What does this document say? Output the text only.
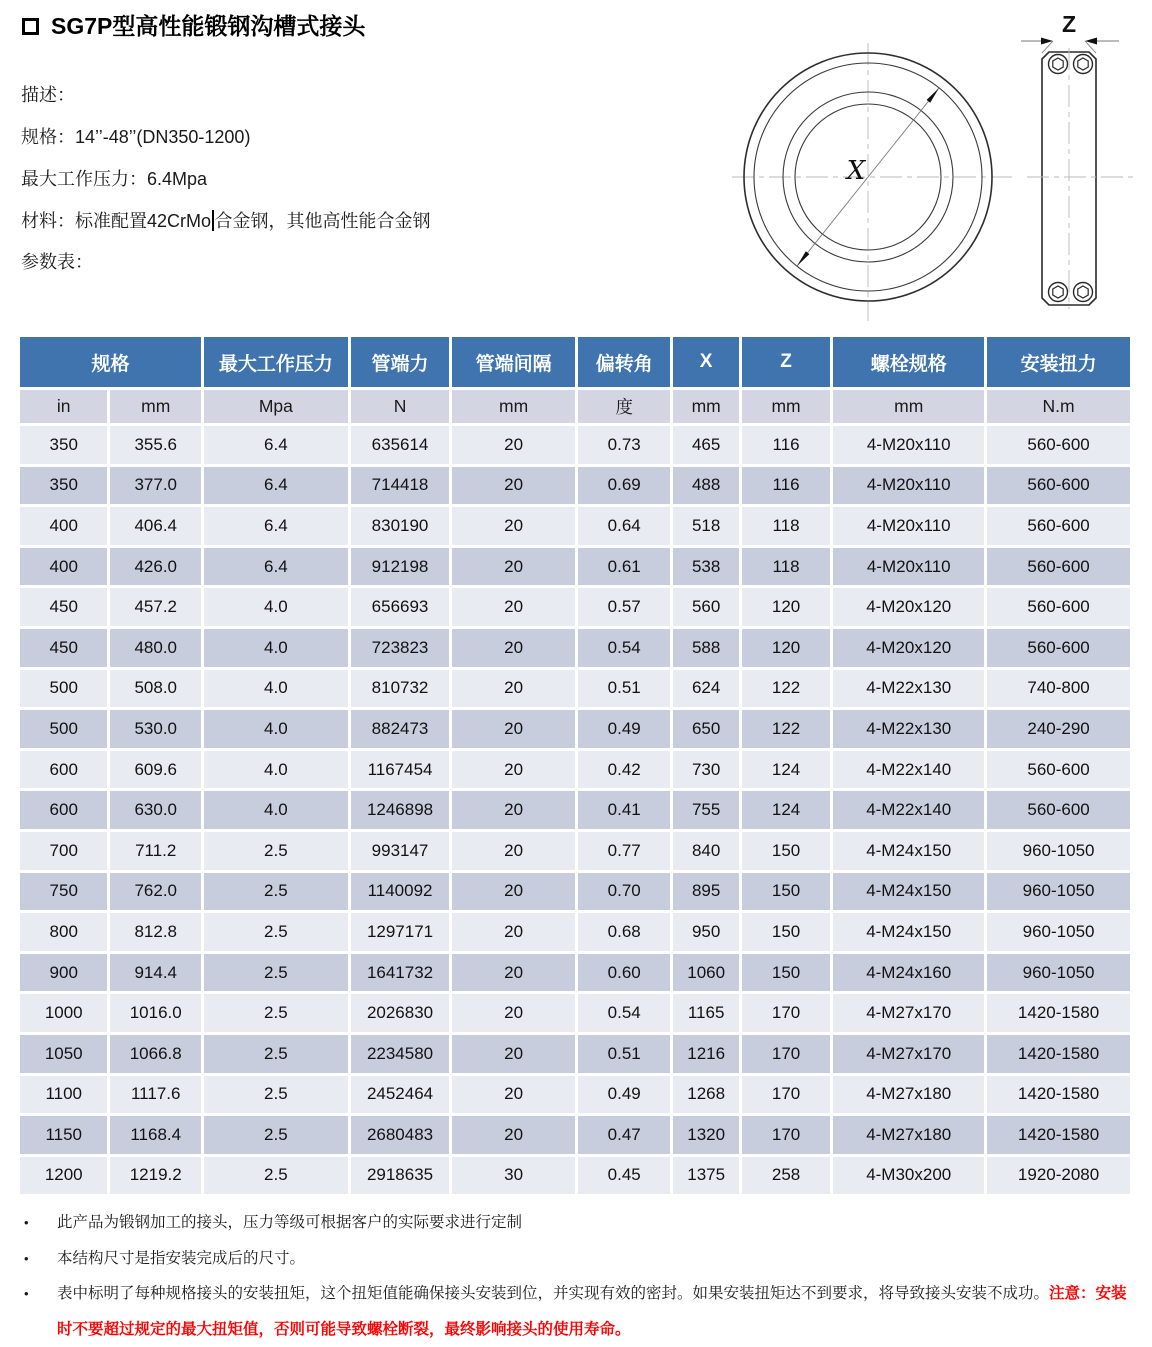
SG7P型高性能锻钢沟槽式接头
描述：
规格：14’’-48’’(DN350-1200)
最大工作压力：6.4Mpa
材料：标准配置42CrMo 合金钢，其他高性能合金钢
参数表：
X
Z
规格		最大工作压力	管端力	管端间隔	偏转角	X	Z	螺栓规格	安装扭力
in	mm	Mpa	N	mm	度	mm	mm	mm	N.m
350	355.6	6.4	635614	20	0.73	465	116	4-M20x110	560-600
350	377.0	6.4	714418	20	0.69	488	116	4-M20x110	560-600
400	406.4	6.4	830190	20	0.64	518	118	4-M20x110	560-600
400	426.0	6.4	912198	20	0.61	538	118	4-M20x110	560-600
450	457.2	4.0	656693	20	0.57	560	120	4-M20x120	560-600
450	480.0	4.0	723823	20	0.54	588	120	4-M20x120	560-600
500	508.0	4.0	810732	20	0.51	624	122	4-M22x130	740-800
500	530.0	4.0	882473	20	0.49	650	122	4-M22x130	240-290
600	609.6	4.0	1167454	20	0.42	730	124	4-M22x140	560-600
600	630.0	4.0	1246898	20	0.41	755	124	4-M22x140	560-600
700	711.2	2.5	993147	20	0.77	840	150	4-M24x150	960-1050
750	762.0	2.5	1140092	20	0.70	895	150	4-M24x150	960-1050
800	812.8	2.5	1297171	20	0.68	950	150	4-M24x150	960-1050
900	914.4	2.5	1641732	20	0.60	1060	150	4-M24x160	960-1050
1000	1016.0	2.5	2026830	20	0.54	1165	170	4-M27x170	1420-1580
1050	1066.8	2.5	2234580	20	0.51	1216	170	4-M27x170	1420-1580
1100	1117.6	2.5	2452464	20	0.49	1268	170	4-M27x180	1420-1580
1150	1168.4	2.5	2680483	20	0.47	1320	170	4-M27x180	1420-1580
1200	1219.2	2.5	2918635	30	0.45	1375	258	4-M30x200	1920-2080
• 此产品为锻钢加工的接头，压力等级可根据客户的实际要求进行定制
• 本结构尺寸是指安装完成后的尺寸。
• 表中标明了每种规格接头的安装扭矩，这个扭矩值能确保接头安装到位，并实现有效的密封。如果安装扭矩达不到要求，将导致接头安装不成功。注意：安装时不要超过规定的最大扭矩值，否则可能导致螺栓断裂，最终影响接头的使用寿命。
